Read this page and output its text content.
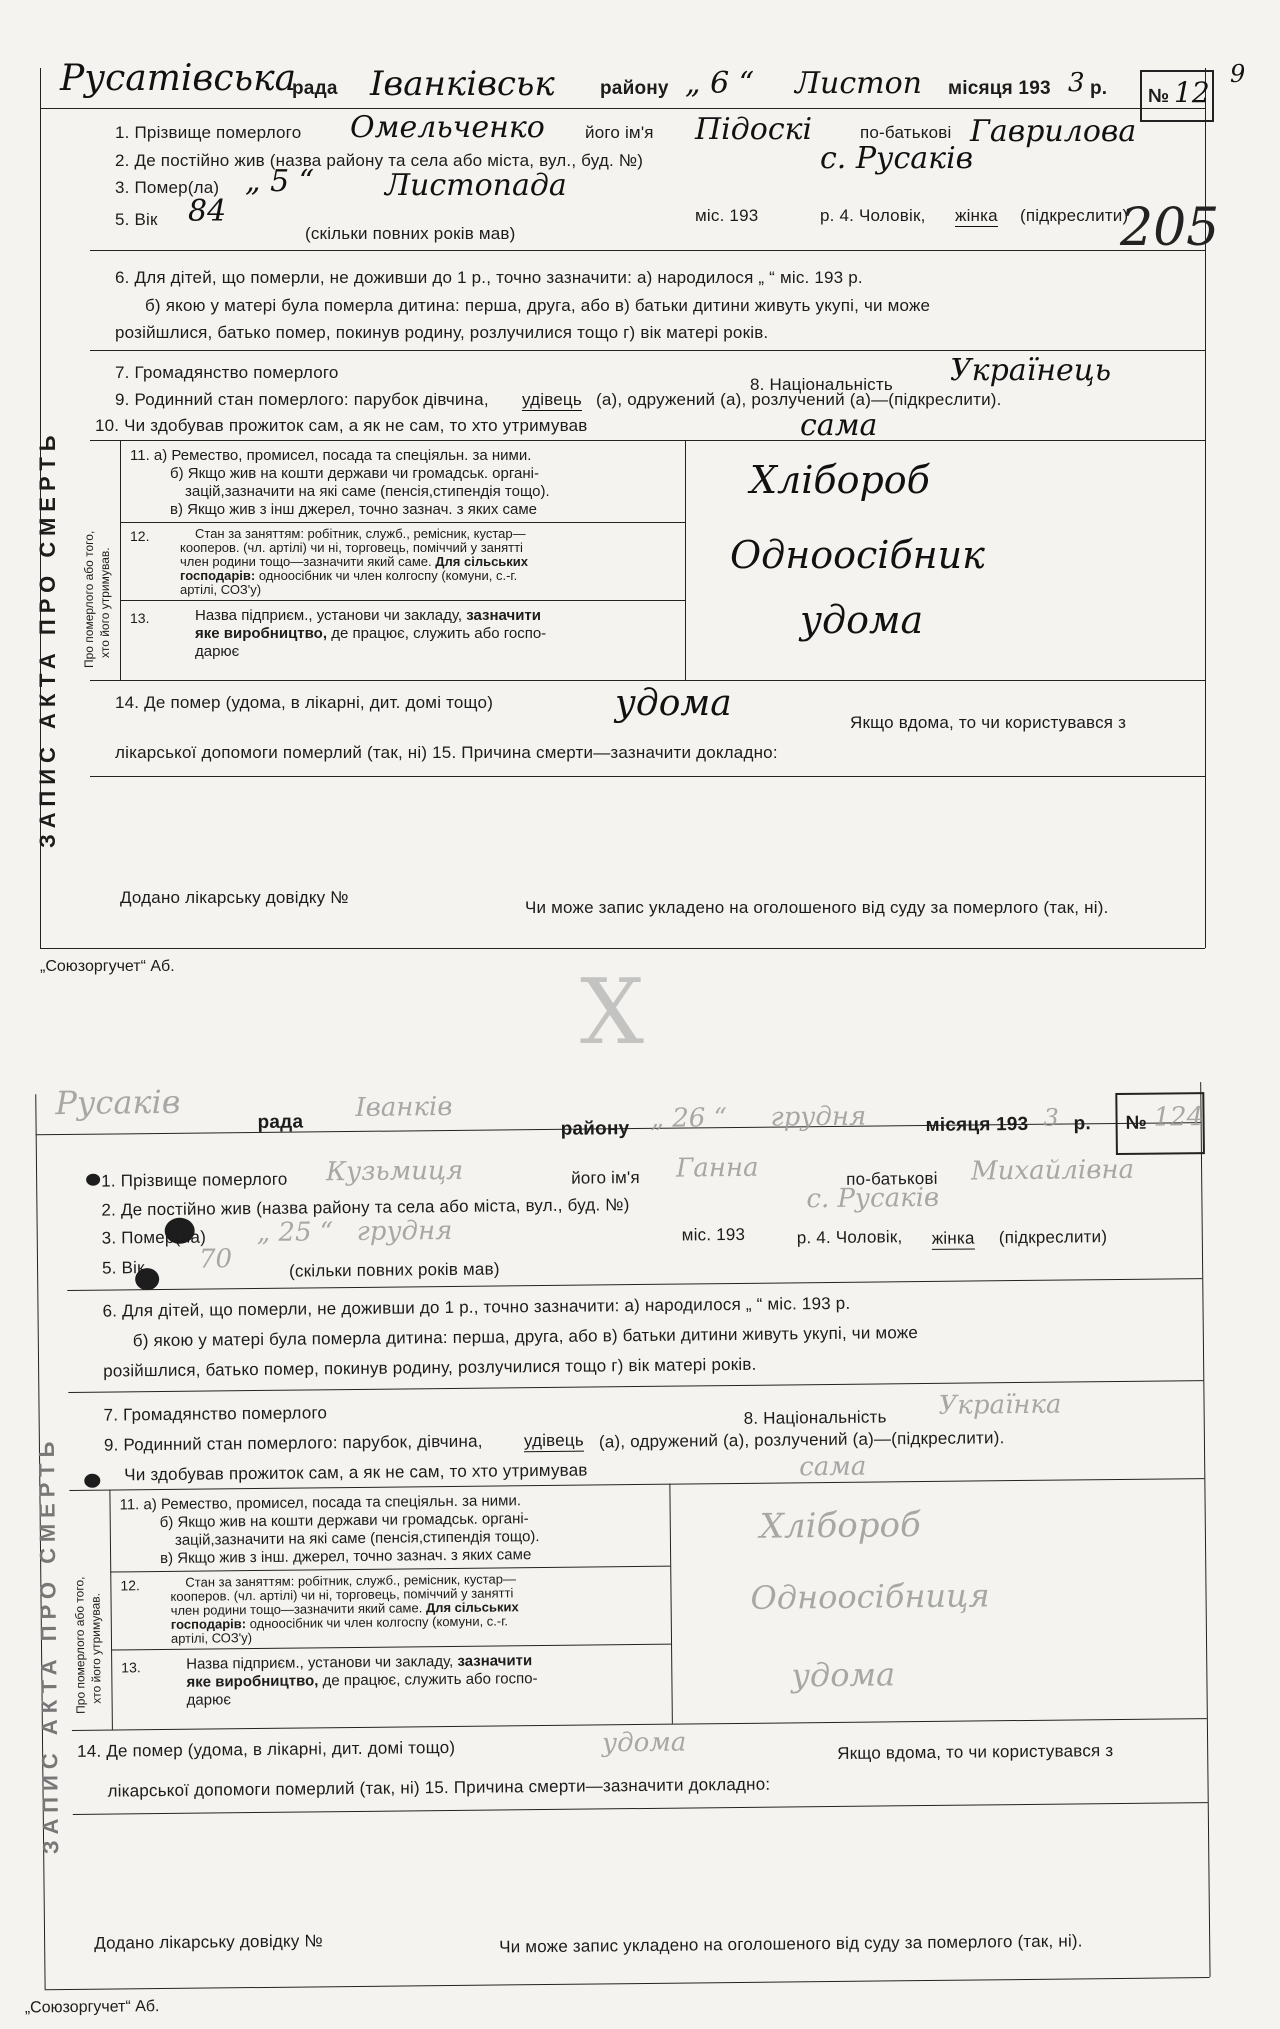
Русатівська
рада Іванківськ району „ 6 “ Листоп місяця 193 3 р. № 12
9
ЗАПИС АКТА ПРО СМЕРТЬ
1. Прізвище померлого Омельченко його ім'я Підоскі	по-батькові Гаврилова
2. Де постійно жив (назва району та села або міста, вул., буд. №)	с. Русаків
3. Помер(ла) „ 5 “ Листопада
міс. 193	р. 4. Чоловік, жінка (підкреслити)
5. Вік 84
(скільки повних років мав)	205
6. Для дітей, що померли, не доживши до 1 р., точно зазначити: а) народилося „ “ міс. 193 р.
б) якою у матері була померла дитина: перша, друга, або в) батьки дитини живуть укупі, чи може
розійшлися, батько помер, покинув родину, розлучилися тощо г) вік матері років.
7. Громадянство померлого
8. Національність Українець
9. Родинний стан померлого: парубок дівчина, удівець (а), одружений (а), розлучений (а)—(підкреслити).
10. Чи здобував прожиток сам, а як не сам, то хто утримував	сама
Про померлого або того, хто його утримував.
11. а) Ремество, промисел, посада та спеціяльн. за ними.
б) Якщо жив на кошти держави чи громадськ. органі-
зацій,зазначити на які саме (пенсія,стипендія тощо).
в) Якщо жив з інш джерел, точно зазнач. з яких саме
Хлібороб
12.	Стан за заняттям: робітник, служб., ремісник, кустар—
кооперов. (чл. артілі) чи ні, торговець, поміччий у занятті
член родини тощо—зазначити який саме. Для сільських
господарів: одноосібник чи член колгоспу (комуни, с.-г.
артілі, СОЗ'у)
Одноосібник
13.	Назва підприєм., установи чи закладу, зазначити
яке виробництво, де працює, служить або госпо-
дарює
удома
14. Де помер (удома, в лікарні, дит. домі тощо)	удома	Якщо вдома, то чи користувався з
лікарської допомоги померлий (так, ні) 15. Причина смерти—зазначити докладно:
Додано лікарську довідку №
Чи може запис укладено на оголошеного від суду за померлого (так, ні).
„Союзоргучет“ Аб.	Х
Русаків
рада Іванків
району „ 26 “ грудня	місяця 193 3 р. № 124
ЗАПИС АКТА ПРО СМЕРТЬ
1. Прізвище померлого Кузьмиця	його ім'я Ганна	по-батькові Михайлівна
2. Де постійно жив (назва району та села або міста, вул., буд. №)	с. Русаків
3. Помер(ла) „ 25 “ грудня	міс. 193	р. 4. Чоловік, жінка (підкреслити)
5. Вік 70	(скільки повних років мав)
6. Для дітей, що померли, не доживши до 1 р., точно зазначити: а) народилося „ “ міс. 193 р.
б) якою у матері була померла дитина: перша, друга, або в) батьки дитини живуть укупі, чи може
розійшлися, батько помер, покинув родину, розлучилися тощо г) вік матері років.
7. Громадянство померлого	8. Національність Українка
9. Родинний стан померлого: парубок, дівчина, удівець (а), одружений (а), розлучений (а)—(підкреслити).
Чи здобував прожиток сам, а як не сам, то хто утримував	сама
Про померлого або того, хто його утримував.
11. а) Ремество, промисел, посада та спеціяльн. за ними.
б) Якщо жив на кошти держави чи громадськ. органі-
зацій,зазначити на які саме (пенсія,стипендія тощо).
в) Якщо жив з інш. джерел, точно зазнач. з яких саме
Хлібороб
12.	Стан за заняттям: робітник, служб., ремісник, кустар—
кооперов. (чл. артілі) чи ні, торговець, поміччий у занятті
член родини тощо—зазначити який саме. Для сільських
господарів: одноосібник чи член колгоспу (комуни, с.-г.
артілі, СОЗ'у)
Одноосібниця
13.	Назва підприєм., установи чи закладу, зазначити
яке виробництво, де працює, служить або госпо-
дарює
удома
14. Де помер (удома, в лікарні, дит. домі тощо)	удома	Якщо вдома, то чи користувався з
лікарської допомоги померлий (так, ні) 15. Причина смерти—зазначити докладно:
Додано лікарську довідку №	Чи може запис укладено на оголошеного від суду за померлого (так, ні).
„Союзоргучет“ Аб.
